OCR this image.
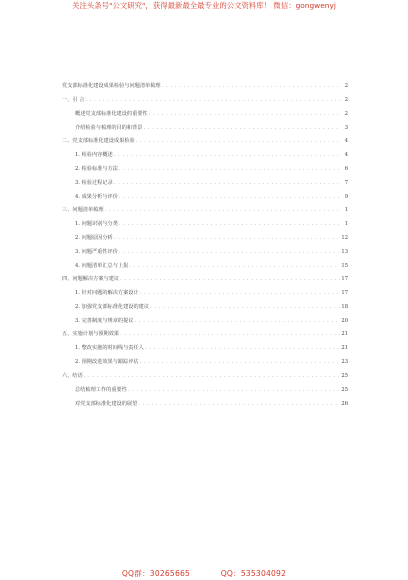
关注头条号"公文研究"，获得最新最全最专业的公文资料库！ 微信：gongwenyj
党支部标准化建设成果检验与问题清单梳理 . . .	2
一、引 言 . . .	2
概述党支部标准化建设的重要性 . . .	2
介绍检验与梳理的目的和背景 . . .	3
二、党支部标准化建设成果检验 . . .	4
1. 检验内容概述 . . .	4
2. 检验标准与方法 . . .	6
3. 检验过程记录 . . .	7
4. 成果分析与评价 . . .	9
三、问题清单梳理 . . .	1
1. 问题识别与分类 . . .	1
2. 问题原因分析 . . .	12
3. 问题严重性评价 . . .	13
4. 问题清单汇总与上报 . . .	15
四、问题解决方案与建议 . . .	17
1. 针对问题的解决方案设计 . . .	17
2. 加强党支部标准化建设的建议 . . .	18
3. 完善制度与规章的提议 . . .	20
五、实施计划与预期效果 . . .	21
1. 整改实施的时间线与责任人 . . .	21
2. 预期改进效果与跟踪评估 . . .	23
六、结语 . . .	25
总结梳理工作的重要性 . . .	25
对党支部标准化建设的展望 . . .	26
QQ群：30265665	QQ：535304092
